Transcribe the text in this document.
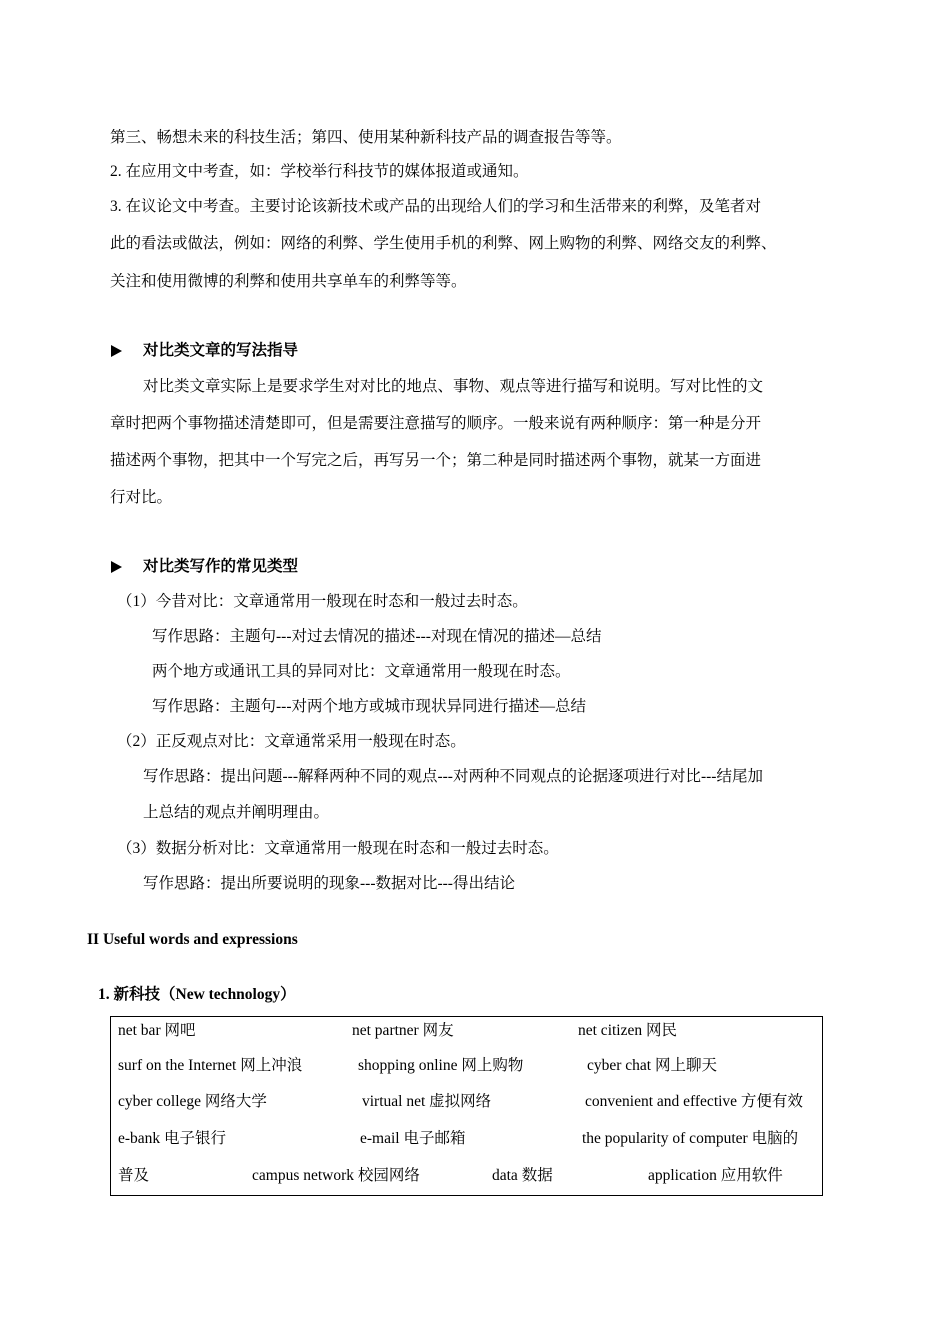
第三、畅想未来的科技生活；第四、使用某种新科技产品的调查报告等等。
2. 在应用文中考查，如：学校举行科技节的媒体报道或通知。
3. 在议论文中考查。主要讨论该新技术或产品的出现给人们的学习和生活带来的利弊，及笔者对
此的看法或做法，例如：网络的利弊、学生使用手机的利弊、网上购物的利弊、网络交友的利弊、
关注和使用微博的利弊和使用共享单车的利弊等等。
对比类文章的写法指导
对比类文章实际上是要求学生对对比的地点、事物、观点等进行描写和说明。写对比性的文
章时把两个事物描述清楚即可，但是需要注意描写的顺序。一般来说有两种顺序：第一种是分开
描述两个事物，把其中一个写完之后，再写另一个；第二种是同时描述两个事物，就某一方面进
行对比。
对比类写作的常见类型
（1）今昔对比：文章通常用一般现在时态和一般过去时态。
写作思路：主题句---对过去情况的描述---对现在情况的描述—总结
两个地方或通讯工具的异同对比：文章通常用一般现在时态。
写作思路：主题句---对两个地方或城市现状异同进行描述—总结
（2）正反观点对比：文章通常采用一般现在时态。
写作思路：提出问题---解释两种不同的观点---对两种不同观点的论据逐项进行对比---结尾加
上总结的观点并阐明理由。
（3）数据分析对比：文章通常用一般现在时态和一般过去时态。
写作思路：提出所要说明的现象---数据对比---得出结论
II Useful words and expressions
1. 新科技（New technology）
net bar 网吧	net partner 网友	net citizen 网民
surf on the Internet 网上冲浪	shopping online 网上购物	cyber chat 网上聊天
cyber college 网络大学	virtual net 虚拟网络	convenient and effective 方便有效
e-bank 电子银行	e-mail 电子邮箱	the popularity of computer 电脑的
普及	campus network 校园网络	data 数据	application 应用软件
